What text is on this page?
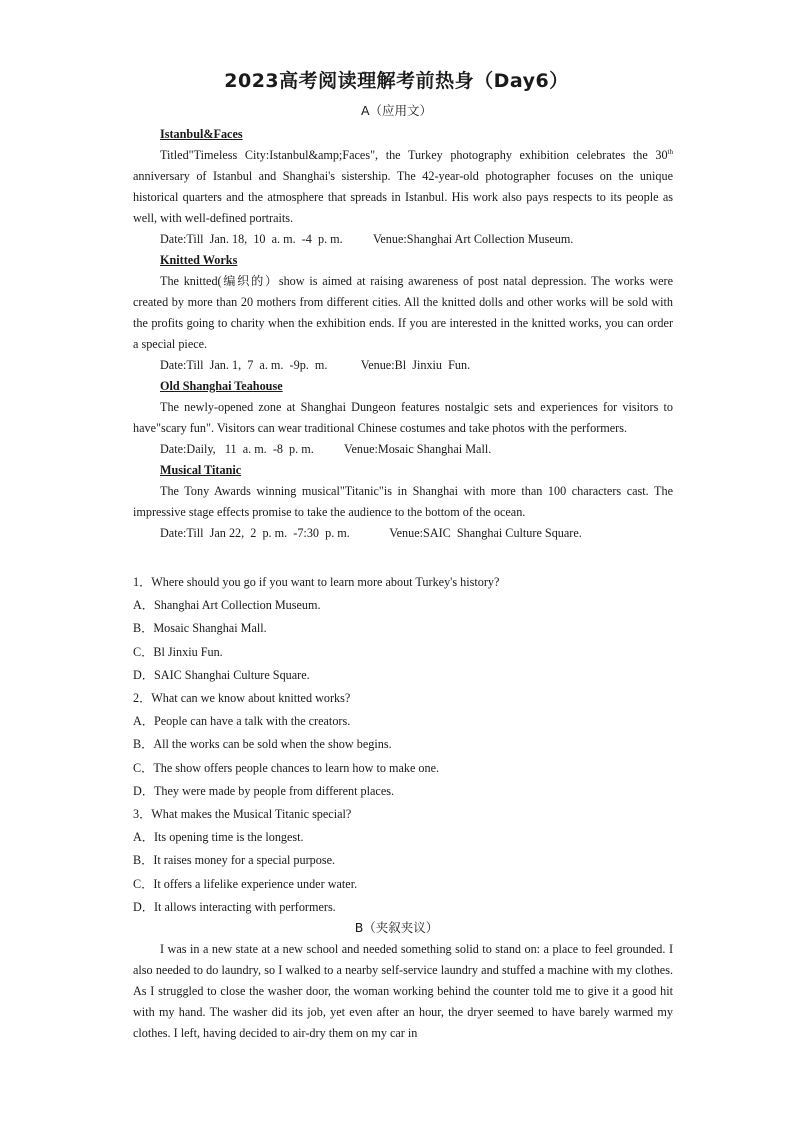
2023高考阅读理解考前热身（Day6）
A（应用文）
Istanbul&Faces

Titled"Timeless City:Istanbul&amp;Faces", the Turkey photography exhibition celebrates the 30th anniversary of Istanbul and Shanghai's sistership. The 42-year-old photographer focuses on the unique historical quarters and the atmosphere that spreads in Istanbul. His work also pays respects to its people as well, with well-defined portraits.

Date:Till  Jan. 18,  10  a. m.  -4  p. m. Venue:Shanghai Art Collection Museum.

Knitted Works

The knitted(编织的）show is aimed at raising awareness of post natal depression. The works were created by more than 20 mothers from different cities. All the knitted dolls and other works will be sold with the profits going to charity when the exhibition ends. If you are interested in the knitted works, you can order a special piece.

Date:Till  Jan. 1,  7  a. m.  -9p.  m.	Venue:Bl  Jinxiu  Fun.

Old Shanghai Teahouse

The newly-opened zone at Shanghai Dungeon features nostalgic sets and experiences for visitors to have"scary fun". Visitors can wear traditional Chinese costumes and take photos with the performers.

Date:Daily,   11  a. m.  -8  p. m. Venue:Mosaic Shanghai Mall.

Musical Titanic

The Tony Awards winning musical"Titanic"is in Shanghai with more than 100 characters cast. The impressive stage effects promise to take the audience to the bottom of the ocean.

Date:Till  Jan 22,  2  p. m.  -7:30  p. m.	Venue:SAIC  Shanghai Culture Square.

1．Where should you go if you want to learn more about Turkey's history?

A．Shanghai Art Collection Museum.

B．Mosaic Shanghai Mall.

C．Bl Jinxiu Fun.

D．SAIC Shanghai Culture Square.

2．What can we know about knitted works?

A．People can have a talk with the creators.

B．All the works can be sold when the show begins.

C．The show offers people chances to learn how to make one.

D．They were made by people from different places.

3．What makes the Musical Titanic special?

A．Its opening time is the longest.

B．It raises money for a special purpose.

C．It offers a lifelike experience under water.

D．It allows interacting with performers.

B（夹叙夹议）

I was in a new state at a new school and needed something solid to stand on: a place to feel grounded. I also needed to do laundry, so I walked to a nearby self-service laundry and stuffed a machine with my clothes. As I struggled to close the washer door, the woman working behind the counter told me to give it a good hit with my hand. The washer did its job, yet even after an hour, the dryer seemed to have barely warmed my clothes. I left, having decided to air-dry them on my car in
